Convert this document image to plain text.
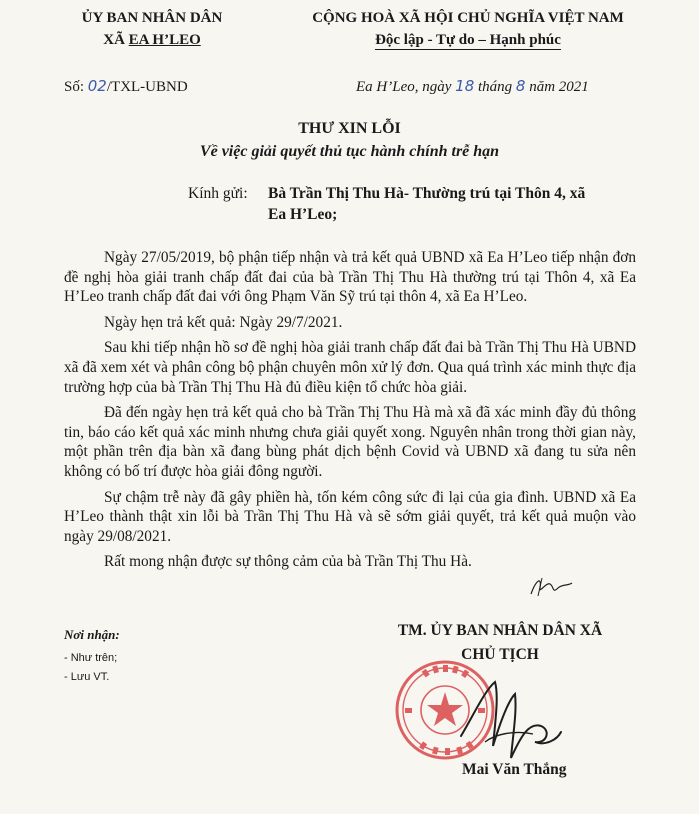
ỦY BAN NHÂN DÂN
XÃ EA H’LEO
CỘNG HOÀ XÃ HỘI CHỦ NGHĨA VIỆT NAM
Độc lập - Tự do – Hạnh phúc
Số: 02/TXL-UBND	Ea H’Leo, ngày 18 tháng 8 năm 2021
THƯ XIN LỖI
Về việc giải quyết thủ tục hành chính trễ hạn
Kính gửi: Bà Trần Thị Thu Hà- Thường trú tại Thôn 4, xã
Ea H’Leo;

Ngày 27/05/2019, bộ phận tiếp nhận và trả kết quả UBND xã Ea H’Leo tiếp nhận đơn đề nghị hòa giải tranh chấp đất đai của bà Trần Thị Thu Hà thường trú tại Thôn 4, xã Ea H’Leo tranh chấp đất đai với ông Phạm Văn Sỹ trú tại thôn 4, xã Ea H’Leo.

Ngày hẹn trả kết quả: Ngày 29/7/2021.

Sau khi tiếp nhận hồ sơ đề nghị hòa giải tranh chấp đất đai bà Trần Thị Thu Hà UBND xã đã xem xét và phân công bộ phận chuyên môn xử lý đơn. Qua quá trình xác minh thực địa trường hợp của bà Trần Thị Thu Hà đủ điều kiện tổ chức hòa giải.

Đã đến ngày hẹn trả kết quả cho bà Trần Thị Thu Hà mà xã đã xác minh đầy đủ thông tin, báo cáo kết quả xác minh nhưng chưa giải quyết xong. Nguyên nhân trong thời gian này, một phần trên địa bàn xã đang bùng phát dịch bệnh Covid và UBND xã đang tu sửa nên không có bố trí được hòa giải đông người.

Sự chậm trễ này đã gây phiền hà, tốn kém công sức đi lại của gia đình. UBND xã Ea H’Leo thành thật xin lỗi bà Trần Thị Thu Hà và sẽ sớm giải quyết, trả kết quả muộn vào ngày 29/08/2021.

Rất mong nhận được sự thông cảm của bà Trần Thị Thu Hà.

Nơi nhận:
- Như trên;
- Lưu VT.
TM. ỦY BAN NHÂN DÂN XÃ
CHỦ TỊCH
Mai Văn Thắng
